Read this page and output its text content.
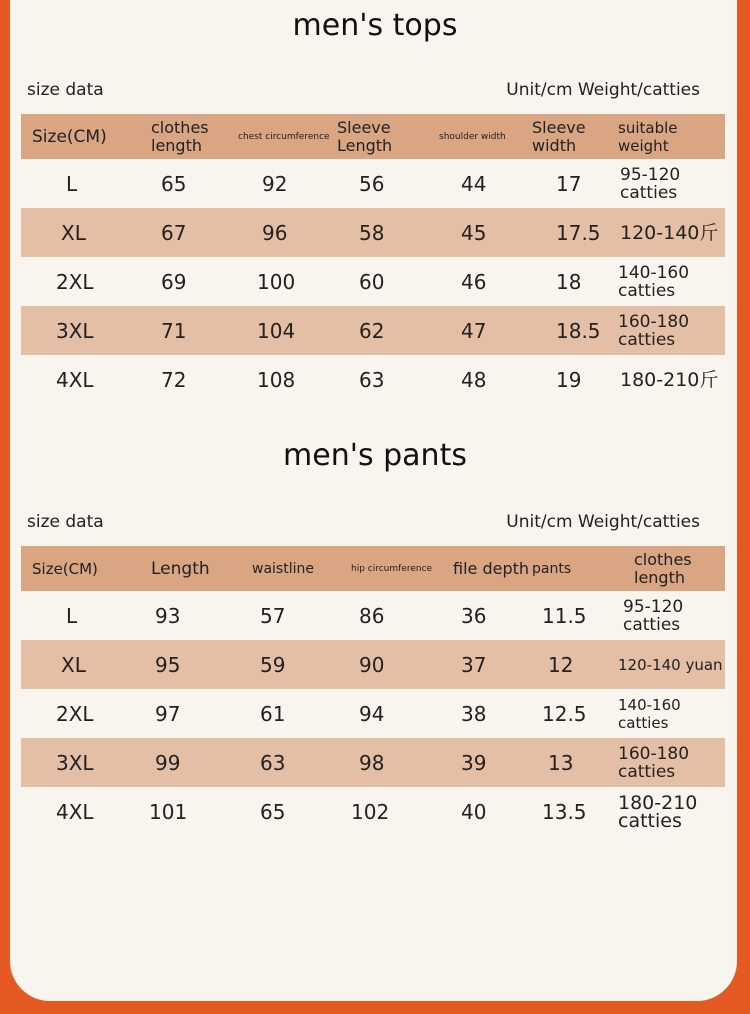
men's tops
size data	Unit/cm Weight/catties
Size(CM)	clothes length	chest circumference	Sleeve Length	shoulder width	Sleeve width	suitable weight
L	65	92	56	44	17	95-120 catties
XL	67	96	58	45	17.5	120-140斤
2XL	69	100	60	46	18	140-160 catties
3XL	71	104	62	47	18.5	160-180 catties
4XL	72	108	63	48	19	180-210斤
men's pants
size data	Unit/cm Weight/catties
Size(CM)	Length	waistline	hip circumference	file depth	pants	clothes length
L	93	57	86	36	11.5	95-120 catties
XL	95	59	90	37	12	120-140 yuan
2XL	97	61	94	38	12.5	140-160 catties
3XL	99	63	98	39	13	160-180 catties
4XL	101	65	102	40	13.5	180-210 catties
